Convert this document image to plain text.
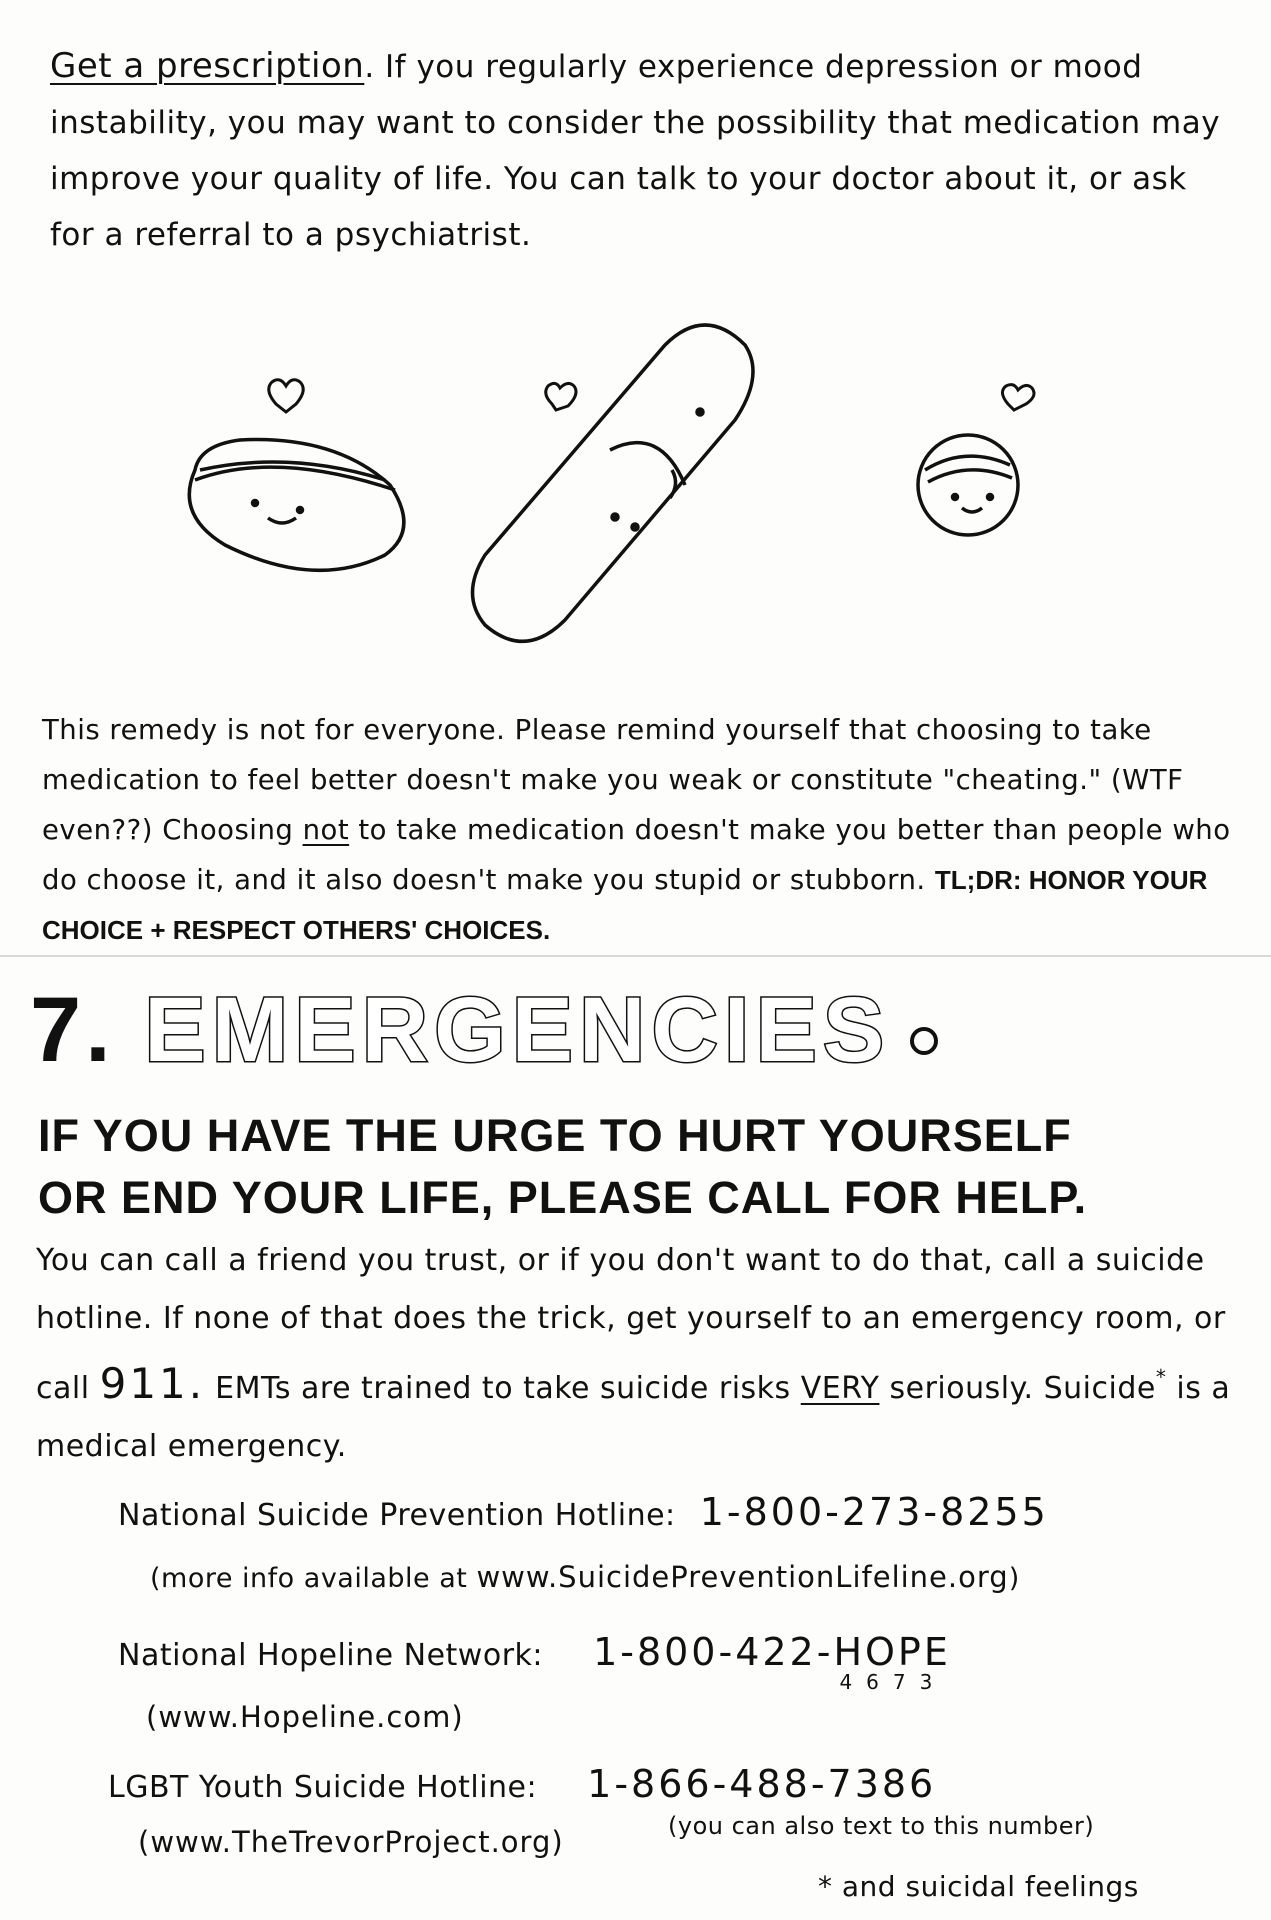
Get a prescription. If you regularly experience depression or mood instability, you may want to consider the possibility that medication may improve your quality of life. You can talk to your doctor about it, or ask for a referral to a psychiatrist.
This remedy is not for everyone. Please remind yourself that choosing to take medication to feel better doesn't make you weak or constitute "cheating." (WTF even??) Choosing not to take medication doesn't make you better than people who do choose it, and it also doesn't make you stupid or stubborn. TL;DR: HONOR YOUR CHOICE + RESPECT OTHERS' CHOICES.
7. EMERGENCIES
IF YOU HAVE THE URGE TO HURT YOURSELF
OR END YOUR LIFE, PLEASE CALL FOR HELP.
You can call a friend you trust, or if you don't want to do that, call a suicide hotline. If none of that does the trick, get yourself to an emergency room, or call 911. EMTs are trained to take suicide risks VERY seriously. Suicide* is a medical emergency.
National Suicide Prevention Hotline: 1-800-273-8255
(more info available at www.SuicidePreventionLifeline.org)
National Hopeline Network: 1-800-422-HOPE
4673
(www.Hopeline.com)
LGBT Youth Suicide Hotline: 1-866-488-7386
(www.TheTrevorProject.org)	(you can also text to this number)
* and suicidal feelings
